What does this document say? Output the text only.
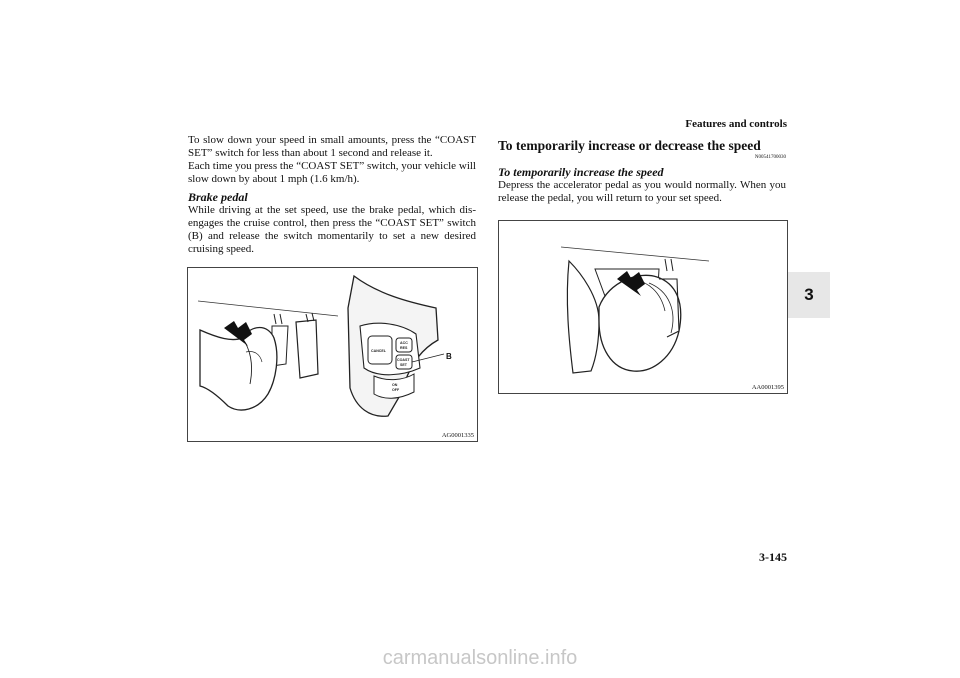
Features and controls
3

To slow down your speed in small amounts, press the “COAST SET” switch for less than about 1 second and release it.

Each time you press the “COAST SET” switch, your vehicle will slow down by about 1 mph (1.6 km/h).

Brake pedal

While driving at the set speed, use the brake pedal, which dis-engages the cruise control, then press the “COAST SET” switch (B) and release the switch momentarily to set a new desired cruising speed.

CANCEL
ACC
RES
COAST
SET
ON
OFF
B
AG0001335
To temporarily increase or decrease the speed
N00541700030
To temporarily increase the speed

Depress the accelerator pedal as you would normally. When you release the pedal, you will return to your set speed.

AA0001395
3-145
carmanualsonline.info
